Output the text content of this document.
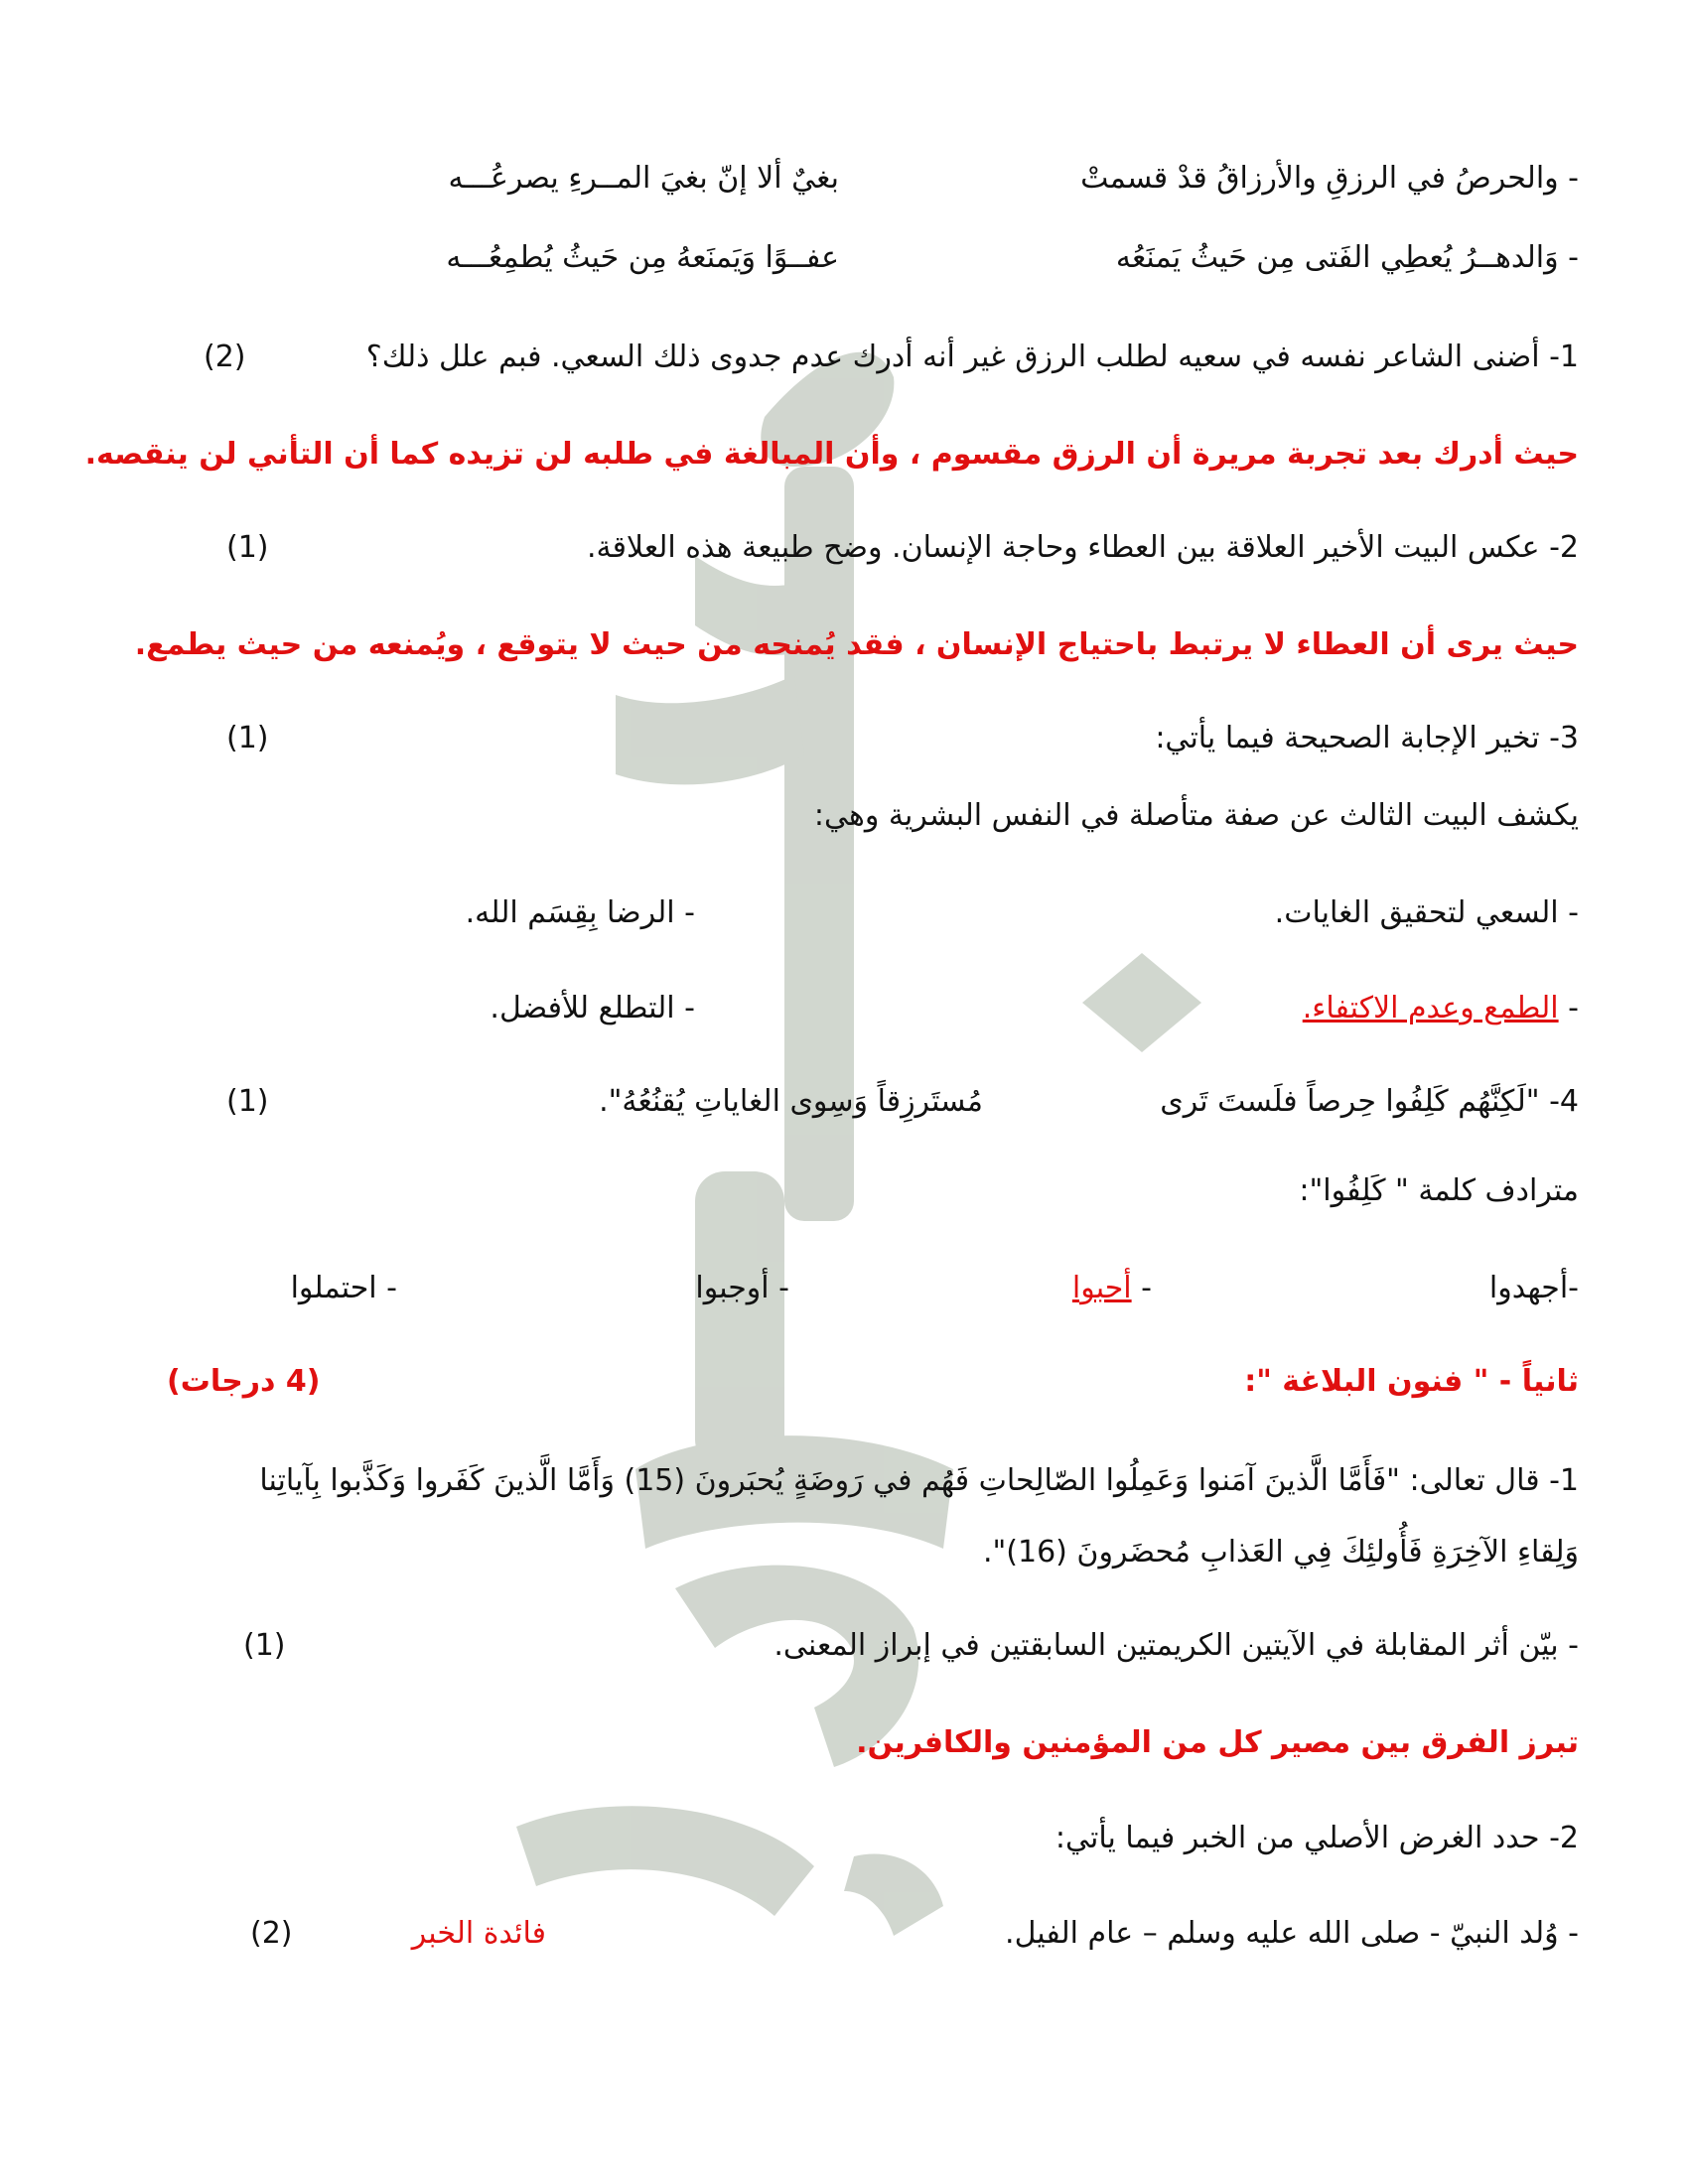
- والحرصُ في الرزقِ والأرزاقُ قدْ قسمتْ
بغيٌ ألا إنّ بغيَ المــرءِ يصرعُـــه
- وَالدهــرُ يُعطِي الفَتى مِن حَيثُ يَمنَعُه
عفــوًا وَيَمنَعهُ مِن حَيثُ يُطمِعُـــه
1- أضنى الشاعر نفسه في سعيه لطلب الرزق غير أنه أدرك عدم جدوى ذلك السعي. فبم علل ذلك؟
(2)
حيث أدرك بعد تجربة مريرة أن الرزق مقسوم ، وأن المبالغة في طلبه لن تزيده كما أن التأني لن ينقصه.
2- عكس البيت الأخير العلاقة بين العطاء وحاجة الإنسان. وضح طبيعة هذه العلاقة.
(1)
حيث يرى أن العطاء لا يرتبط باحتياج الإنسان ، فقد يُمنحه من حيث لا يتوقع ، ويُمنعه من حيث يطمع.
3- تخير الإجابة الصحيحة فيما يأتي:
(1)
يكشف البيت الثالث عن صفة متأصلة في النفس البشرية وهي:
- السعي لتحقيق الغايات.
- الرضا بِقِسَم الله.
- الطمع وعدم الاكتفاء.
- التطلع للأفضل.
4- "لَكِنَّهُم كَلِفُوا حِرصاً فلَستَ تَرى
مُستَرزِقاً وَسِوى الغاياتِ يُقنُعُهُ".
(1)
مترادف كلمة " كَلِفُوا":
-أجهدوا
- أحبوا
- أوجبوا
- احتملوا
ثانياً - " فنون البلاغة ":
(4 درجات)
1- قال تعالى: "فَأَمَّا الَّذينَ آمَنوا وَعَمِلُوا الصّالِحاتِ فَهُم في رَوضَةٍ يُحبَرونَ (15) وَأَمَّا الَّذينَ كَفَروا وَكَذَّبوا بِآياتِنا
وَلِقاءِ الآخِرَةِ فَأُولئِكَ فِي العَذابِ مُحضَرونَ (16)".
- بيّن أثر المقابلة في الآيتين الكريمتين السابقتين في إبراز المعنى.
(1)
تبرز الفرق بين مصير كل من المؤمنين والكافرين.
2- حدد الغرض الأصلي من الخبر فيما يأتي:
- وُلد النبيّ - صلى الله عليه وسلم – عام الفيل.
فائدة الخبر
(2)
